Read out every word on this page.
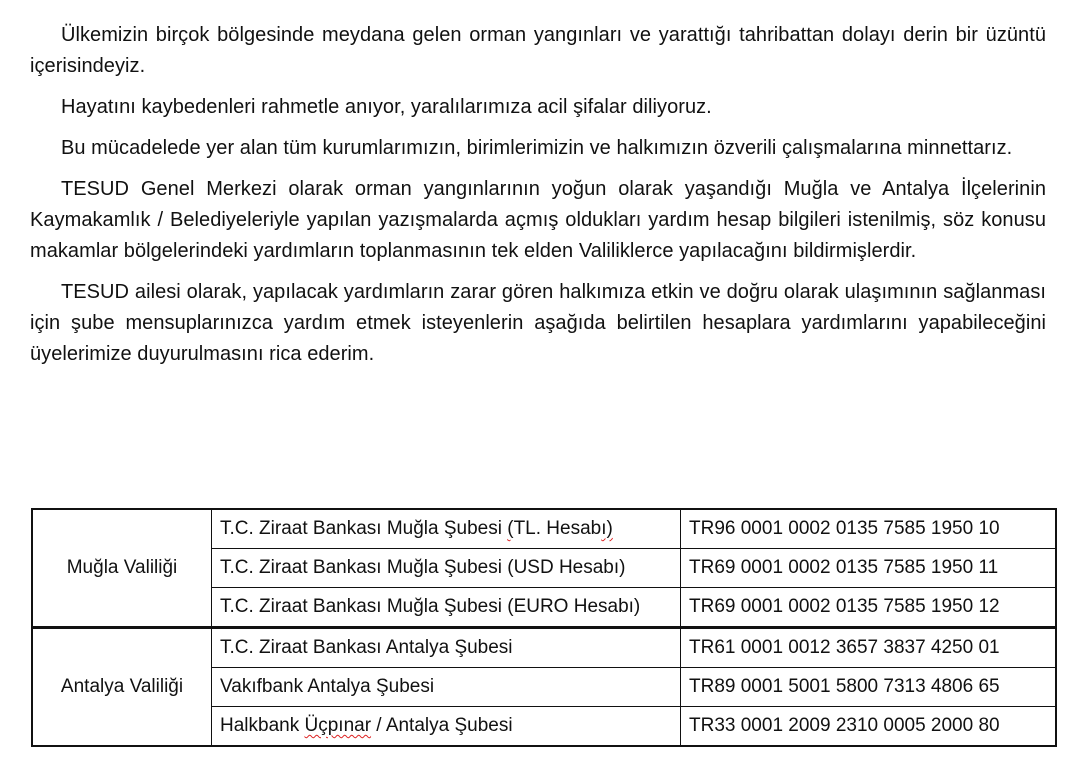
Ülkemizin birçok bölgesinde meydana gelen orman yangınları ve yarattığı tahribattan dolayı derin bir üzüntü içerisindeyiz.

Hayatını kaybedenleri rahmetle anıyor, yaralılarımıza acil şifalar diliyoruz.

Bu mücadelede yer alan tüm kurumlarımızın, birimlerimizin ve halkımızın özverili çalışmalarına minnettarız.

TESUD Genel Merkezi olarak orman yangınlarının yoğun olarak yaşandığı Muğla ve Antalya İlçelerinin Kaymakamlık / Belediyeleriyle yapılan yazışmalarda açmış oldukları yardım hesap bilgileri istenilmiş, söz konusu makamlar bölgelerindeki yardımların toplanmasının tek elden Valiliklerce yapılacağını bildirmişlerdir.

TESUD ailesi olarak, yapılacak yardımların zarar gören halkımıza etkin ve doğru olarak ulaşımının sağlanması için şube mensuplarınızca yardım etmek isteyenlerin aşağıda belirtilen hesaplara yardımlarını yapabileceğini üyelerimize duyurulmasını rica ederim.

Muğla Valiliği	T.C. Ziraat Bankası Muğla Şubesi (TL. Hesabı)	TR96 0001 0002 0135 7585 1950 10
	T.C. Ziraat Bankası Muğla Şubesi (USD Hesabı)	TR69 0001 0002 0135 7585 1950 11
	T.C. Ziraat Bankası Muğla Şubesi (EURO Hesabı)	TR69 0001 0002 0135 7585 1950 12
Antalya Valiliği	T.C. Ziraat Bankası Antalya Şubesi	TR61 0001 0012 3657 3837 4250 01
	Vakıfbank Antalya Şubesi	TR89 0001 5001 5800 7313 4806 65
	Halkbank Üçpınar / Antalya Şubesi	TR33 0001 2009 2310 0005 2000 80
